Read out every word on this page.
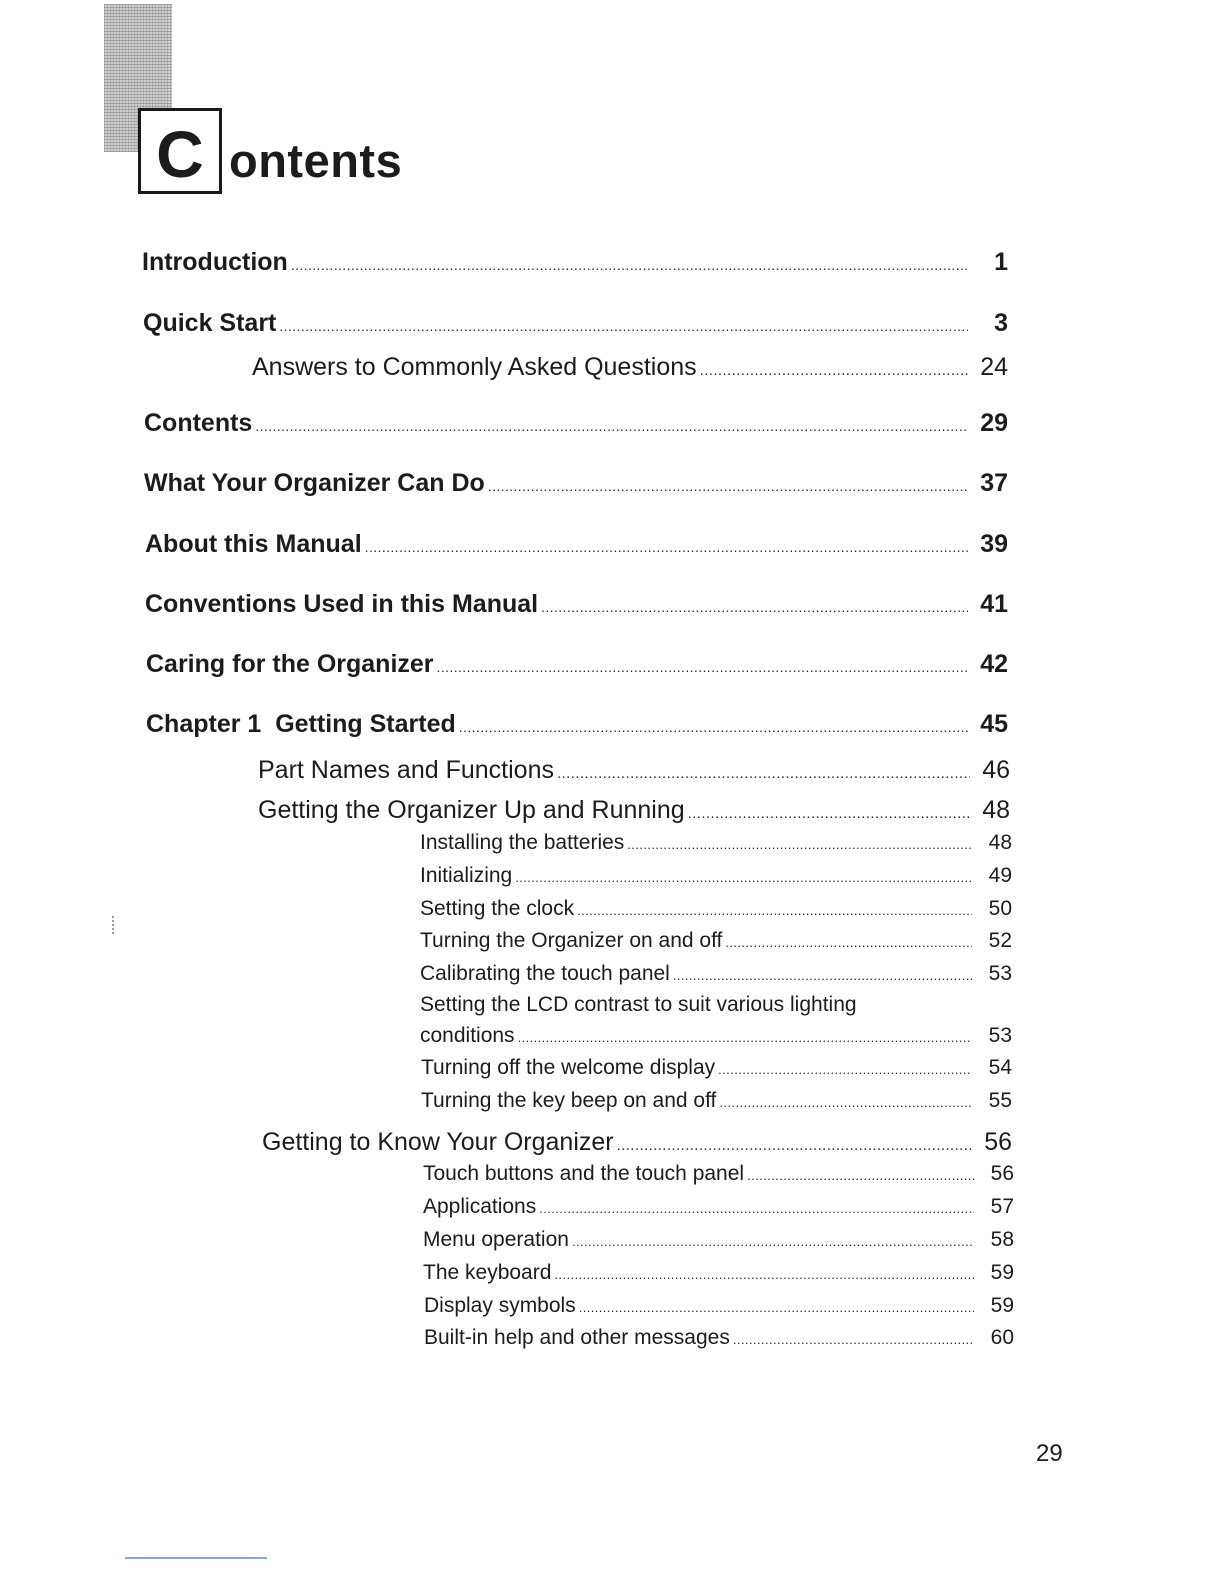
C ontents
Introduction .....	1
Quick Start .....	3
Answers to Commonly Asked Questions .....	24
Contents .....	29
What Your Organizer Can Do .....	37
About this Manual .....	39
Conventions Used in this Manual .....	41
Caring for the Organizer .....	42
Chapter 1  Getting Started .....	45
Part Names and Functions .....	46
Getting the Organizer Up and Running .....	48
Installing the batteries .....	48
Initializing .....	49
Setting the clock .....	50
Turning the Organizer on and off .....	52
Calibrating the touch panel .....	53
Setting the LCD contrast to suit various lighting
conditions .....	53
Turning off the welcome display .....	54
Turning the key beep on and off .....	55
Getting to Know Your Organizer .....	56
Touch buttons and the touch panel .....	56
Applications .....	57
Menu operation .....	58
The keyboard .....	59
Display symbols .....	59
Built-in help and other messages .....	60
29
